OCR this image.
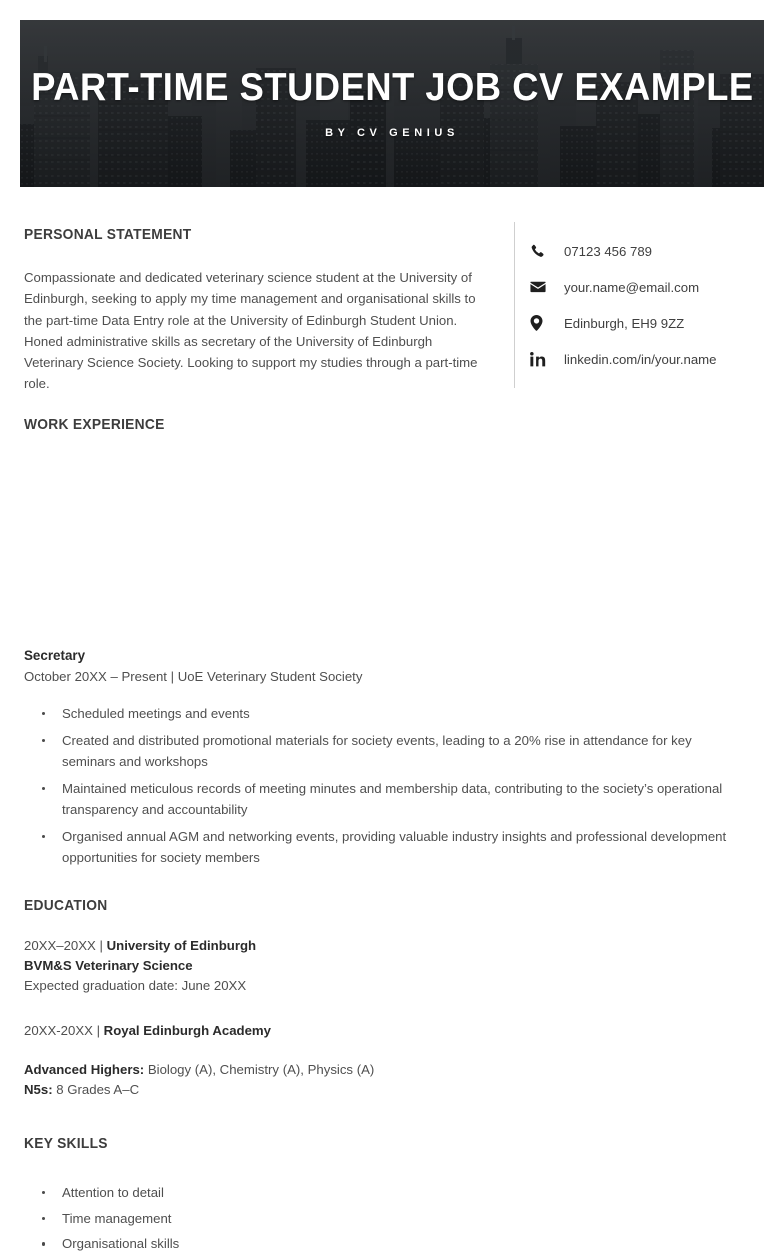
PART-TIME STUDENT JOB CV EXAMPLE

BY CV GENIUS

PERSONAL STATEMENT

Compassionate and dedicated veterinary science student at the University of Edinburgh, seeking to apply my time management and organisational skills to the part-time Data Entry role at the University of Edinburgh Student Union. Honed administrative skills as secretary of the University of Edinburgh Veterinary Science Society. Looking to support my studies through a part-time role.

07123 456 789
your.name@email.com
Edinburgh, EH9 9ZZ
linkedin.com/in/your.name
WORK EXPERIENCE
Secretary

October 20XX – Present | UoE Veterinary Student Society

Scheduled meetings and events
Created and distributed promotional materials for society events, leading to a 20% rise in attendance for key seminars and workshops
Maintained meticulous records of meeting minutes and membership data, contributing to the society’s operational transparency and accountability
Organised annual AGM and networking events, providing valuable industry insights and professional development opportunities for society members
EDUCATION

20XX–20XX | University of Edinburgh

BVM&S Veterinary Science

Expected graduation date: June 20XX

20XX-20XX | Royal Edinburgh Academy

Advanced Highers: Biology (A), Chemistry (A), Physics (A)

N5s: 8 Grades A–C

KEY SKILLS
Attention to detail
Time management
Organisational skills
